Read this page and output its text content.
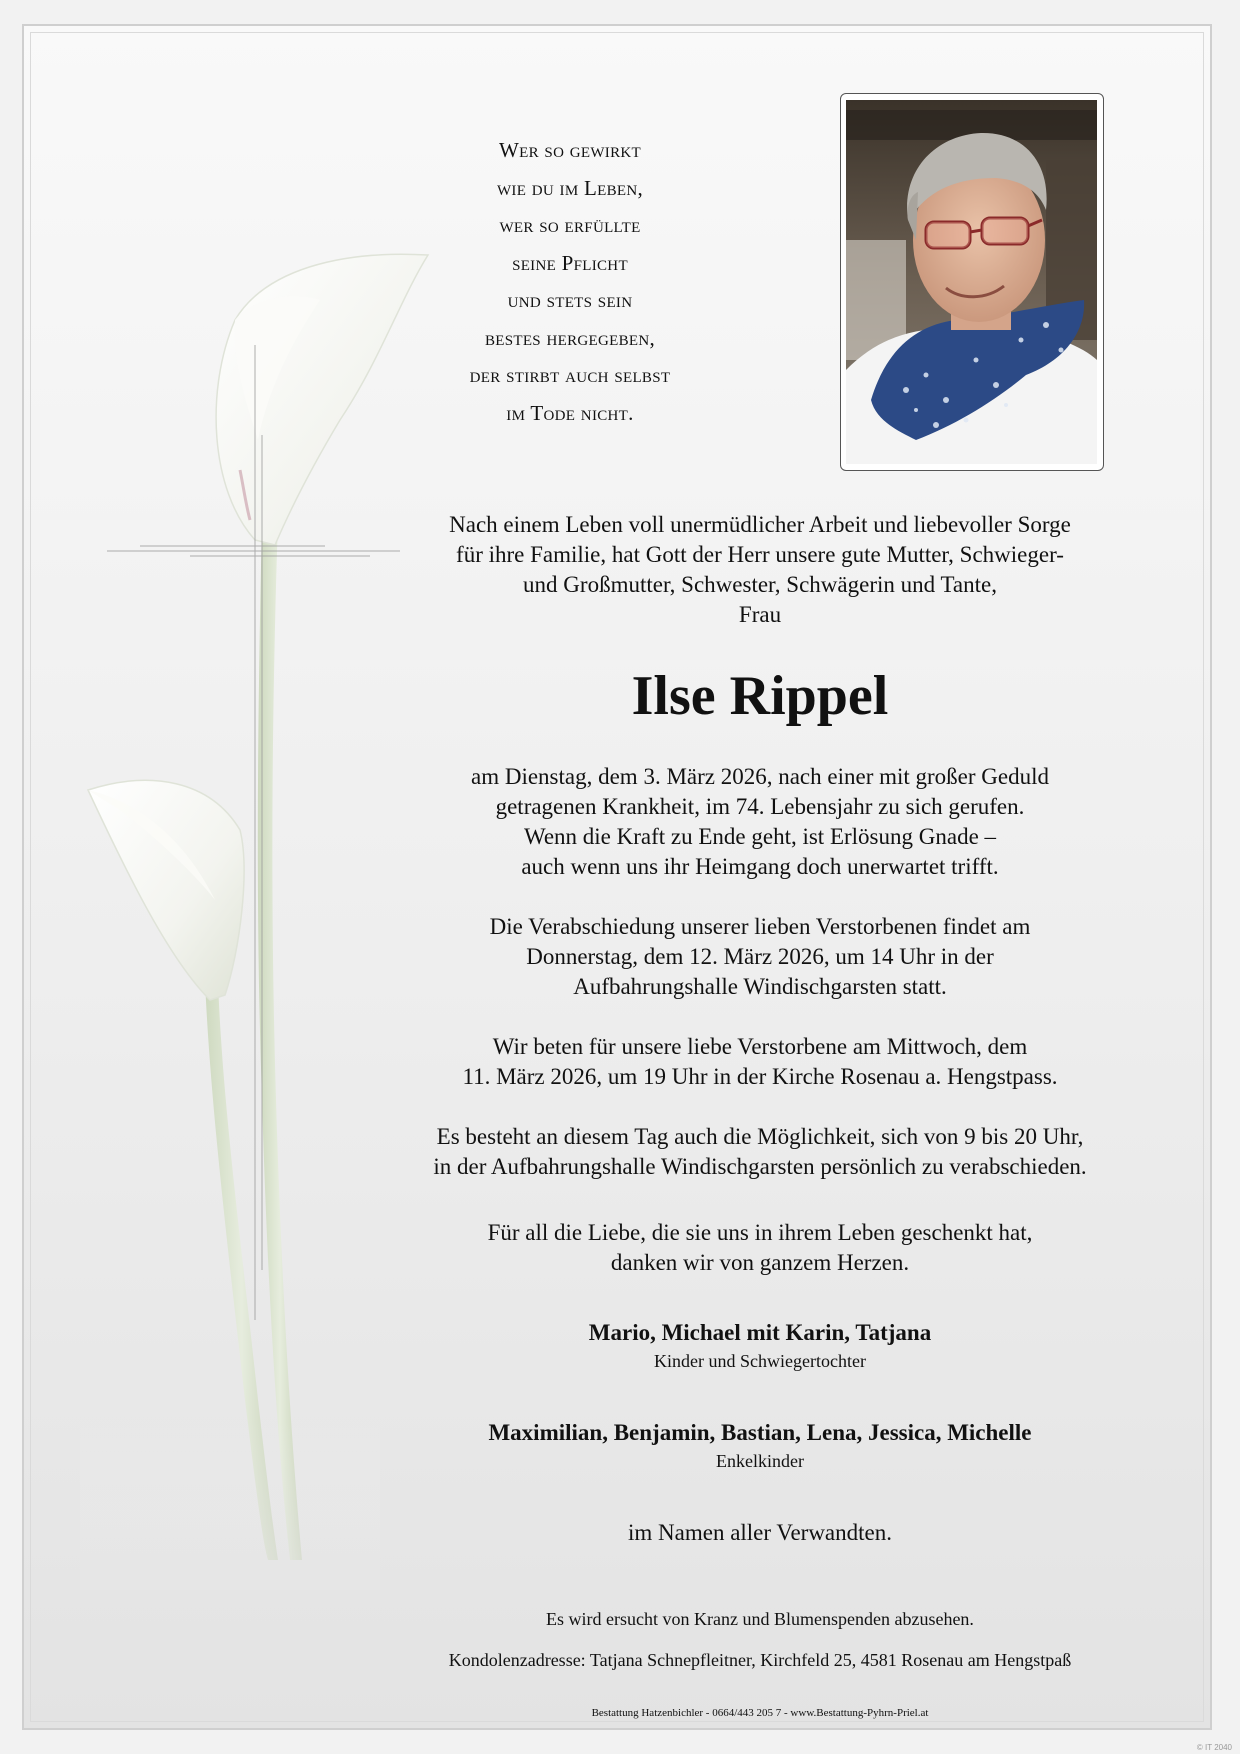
Wer so gewirkt
wie du im Leben,
wer so erfüllte
seine Pflicht
und stets sein
bestes hergegeben,
der stirbt auch selbst
im Tode nicht.
Nach einem Leben voll unermüdlicher Arbeit und liebevoller Sorge
für ihre Familie, hat Gott der Herr unsere gute Mutter, Schwieger-
und Großmutter, Schwester, Schwägerin und Tante,
Frau
Ilse Rippel
am Dienstag, dem 3. März 2026, nach einer mit großer Geduld
getragenen Krankheit, im 74. Lebensjahr zu sich gerufen.
Wenn die Kraft zu Ende geht, ist Erlösung Gnade –
auch wenn uns ihr Heimgang doch unerwartet trifft.
Die Verabschiedung unserer lieben Verstorbenen findet am
Donnerstag, dem 12. März 2026, um 14 Uhr in der
Aufbahrungshalle Windischgarsten statt.
Wir beten für unsere liebe Verstorbene am Mittwoch, dem
11. März 2026, um 19 Uhr in der Kirche Rosenau a. Hengstpass.
Es besteht an diesem Tag auch die Möglichkeit, sich von 9 bis 20 Uhr,
in der Aufbahrungshalle Windischgarsten persönlich zu verabschieden.
Für all die Liebe, die sie uns in ihrem Leben geschenkt hat,
danken wir von ganzem Herzen.
Mario, Michael mit Karin, Tatjana
Kinder und Schwiegertochter
Maximilian, Benjamin, Bastian, Lena, Jessica, Michelle
Enkelkinder
im Namen aller Verwandten.
Es wird ersucht von Kranz und Blumenspenden abzusehen.
Kondolenzadresse: Tatjana Schnepfleitner, Kirchfeld 25, 4581 Rosenau am Hengstpaß
Bestattung Hatzenbichler - 0664/443 205 7 - www.Bestattung-Pyhrn-Priel.at
© IT 2040
